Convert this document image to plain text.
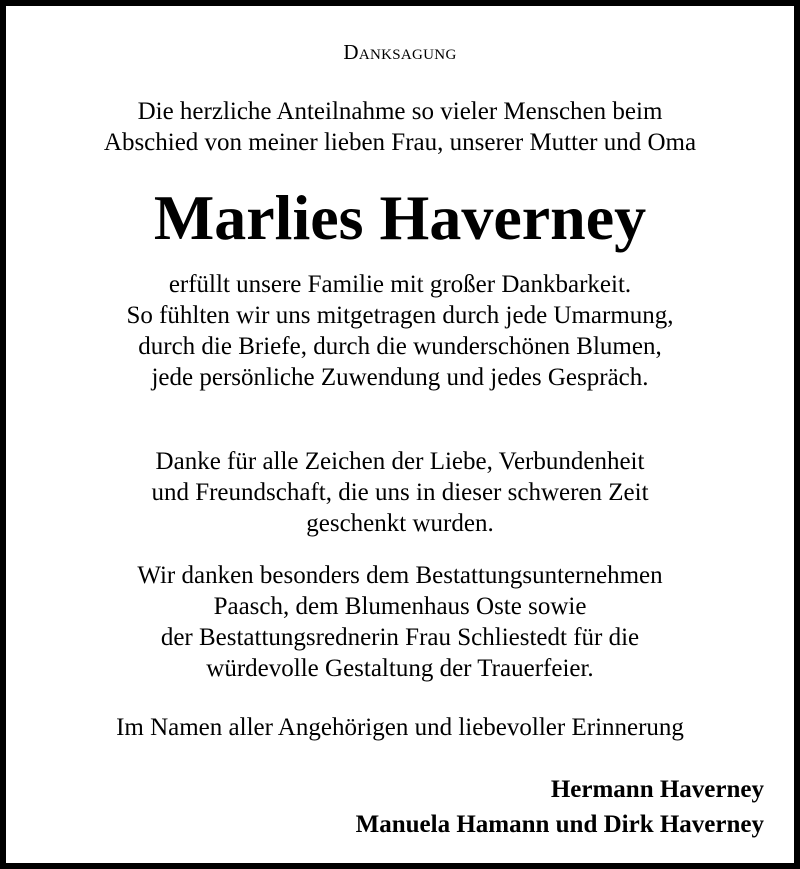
Danksagung
Die herzliche Anteilnahme so vieler Menschen beim
Abschied von meiner lieben Frau, unserer Mutter und Oma
Marlies Haverney
erfüllt unsere Familie mit großer Dankbarkeit.
So fühlten wir uns mitgetragen durch jede Umarmung,
durch die Briefe, durch die wunderschönen Blumen,
jede persönliche Zuwendung und jedes Gespräch.
Danke für alle Zeichen der Liebe, Verbundenheit
und Freundschaft, die uns in dieser schweren Zeit
geschenkt wurden.
Wir danken besonders dem Bestattungsunternehmen
Paasch, dem Blumenhaus Oste sowie
der Bestattungsrednerin Frau Schliestedt für die
würdevolle Gestaltung der Trauerfeier.
Im Namen aller Angehörigen und liebevoller Erinnerung
Hermann Haverney
Manuela Hamann und Dirk Haverney
